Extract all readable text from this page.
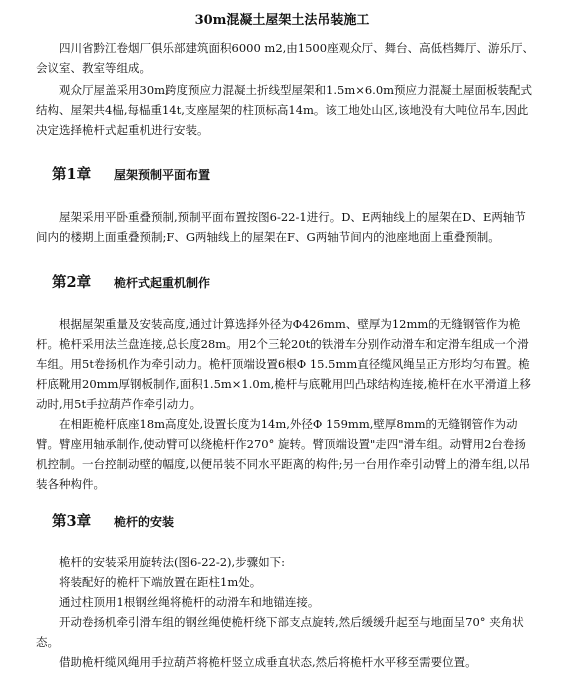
30m混凝土屋架土法吊装施工

四川省黔江卷烟厂俱乐部建筑面积6000 m2,由1500座观众厅、舞台、高低档舞厅、游乐厅、会议室、教室等组成。

观众厅屋盖采用30m跨度预应力混凝土折线型屋架和1.5m×6.0m预应力混凝土屋面板装配式结构、屋架共4榀,每榀重14t,支座屋架的柱顶标高14m。该工地处山区,该地没有大吨位吊车,因此决定选择桅杆式起重机进行安装。

第1章	屋架预制平面布置

屋架采用平卧重叠预制,预制平面布置按图6-22-1进行。D、E两轴线上的屋架在D、E两轴节间内的楼期上面重叠预制;F、G两轴线上的屋架在F、G两轴节间内的池座地面上重叠预制。

第2章	桅杆式起重机制作

根据屋架重量及安装高度,通过计算选择外径为Φ426mm、壁厚为12mm的无缝钢管作为桅杆。桅杆采用法兰盘连接,总长度28m。用2个三轮20t的铁滑车分别作动滑车和定滑车组成一个滑车组。用5t卷扬机作为牵引动力。桅杆顶端设置6根Φ 15.5mm直径缆风绳呈正方形均匀布置。桅杆底靴用20mm厚钢板制作,面积1.5m×1.0m,桅杆与底靴用凹凸球结构连接,桅杆在水平滑道上移动时,用5t手拉葫芦作牵引动力。

在相距桅杆底座18m高度处,设置长度为14m,外径Φ 159mm,壁厚8mm的无缝钢管作为动臂。臂座用轴承制作,使动臂可以绕桅杆作270° 旋转。臂顶端设置"走四"滑车组。动臂用2台卷扬机控制。一台控制动壁的幅度,以便吊装不同水平距离的构件;另一台用作牵引动臂上的滑车组,以吊装各种构件。

第3章	桅杆的安装

桅杆的安装采用旋转法(图6-22-2),步骤如下:

将装配好的桅杆下端放置在距柱1m处。

通过柱顶用1根钢丝绳将桅杆的动滑车和地锚连接。

开动卷扬机牵引滑车组的钢丝绳使桅杆绕下部支点旋转,然后缓缓升起至与地面呈70° 夹角状态。

借助桅杆缆风绳用手拉葫芦将桅杆竖立成垂直状态,然后将桅杆水平移至需要位置。
